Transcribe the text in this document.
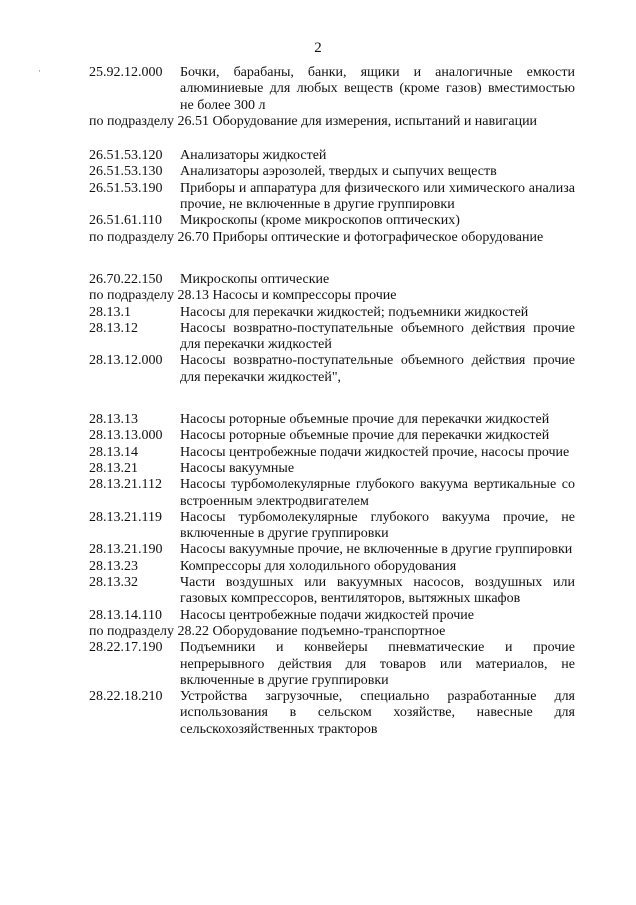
2
·	25.92.12.000	Бочки, барабаны, банки, ящики и аналогичные емкости алюминиевые для любых веществ (кроме газов) вместимостью не более 300 л
по подразделу 26.51 Оборудование для измерения, испытаний и навигации
26.51.53.120	Анализаторы жидкостей
26.51.53.130	Анализаторы аэрозолей, твердых и сыпучих веществ
26.51.53.190	Приборы и аппаратура для физического или химического анализа прочие, не включенные в другие группировки
26.51.61.110	Микроскопы (кроме микроскопов оптических)
по подразделу 26.70 Приборы оптические и фотографическое оборудование
26.70.22.150	Микроскопы оптические
по подразделу 28.13 Насосы и компрессоры прочие
28.13.1	Насосы для перекачки жидкостей; подъемники жидкостей
28.13.12	Насосы возвратно-поступательные объемного действия прочие для перекачки жидкостей
28.13.12.000	Насосы возвратно-поступательные объемного действия прочие для перекачки жидкостей",
28.13.13	Насосы роторные объемные прочие для перекачки жидкостей
28.13.13.000	Насосы роторные объемные прочие для перекачки жидкостей
28.13.14	Насосы центробежные подачи жидкостей прочие, насосы прочие
28.13.21	Насосы вакуумные
28.13.21.112	Насосы турбомолекулярные глубокого вакуума вертикальные со встроенным электродвигателем
28.13.21.119	Насосы турбомолекулярные глубокого вакуума прочие, не включенные в другие группировки
28.13.21.190	Насосы вакуумные прочие, не включенные в другие группировки
28.13.23	Компрессоры для холодильного оборудования
28.13.32	Части воздушных или вакуумных насосов, воздушных или газовых компрессоров, вентиляторов, вытяжных шкафов
28.13.14.110	Насосы центробежные подачи жидкостей прочие
по подразделу 28.22 Оборудование подъемно-транспортное
28.22.17.190	Подъемники и конвейеры пневматические и прочие непрерывного действия для товаров или материалов, не включенные в другие группировки
28.22.18.210	Устройства загрузочные, специально разработанные для использования в сельском хозяйстве, навесные для сельскохозяйственных тракторов
